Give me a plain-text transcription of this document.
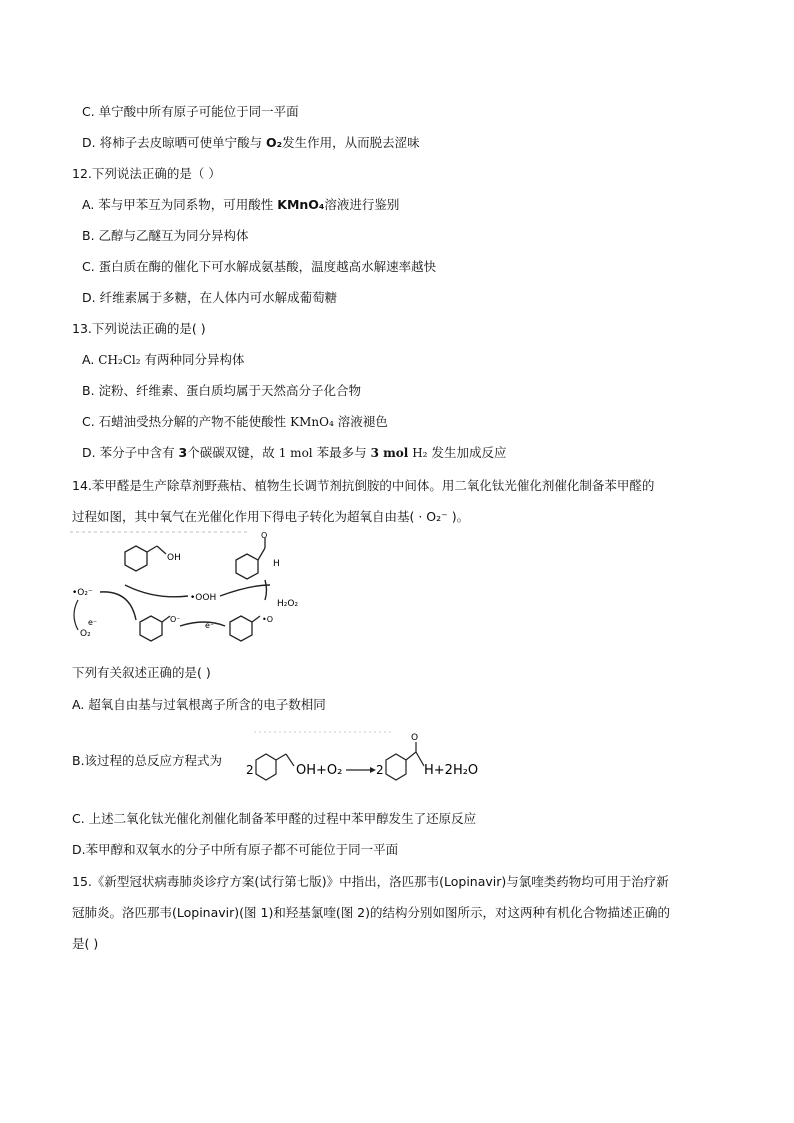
C. 单宁酸中所有原子可能位于同一平面
D. 将柿子去皮晾晒可使单宁酸与 O₂发生作用，从而脱去涩味
12.下列说法正确的是（ ）
A. 苯与甲苯互为同系物，可用酸性 KMnO₄溶液进行鉴别
B. 乙醇与乙醚互为同分异构体
C. 蛋白质在酶的催化下可水解成氨基酸，温度越高水解速率越快
D. 纤维素属于多糖，在人体内可水解成葡萄糖
13.下列说法正确的是( )
A. CH₂Cl₂ 有两种同分异构体
B. 淀粉、纤维素、蛋白质均属于天然高分子化合物
C. 石蜡油受热分解的产物不能使酸性 KMnO₄ 溶液褪色
D. 苯分子中含有 3个碳碳双键，故 1 mol 苯最多与 3 mol H₂ 发生加成反应
14.苯甲醛是生产除草剂野燕枯、植物生长调节剂抗倒胺的中间体。用二氧化钛光催化剂催化制备苯甲醛的
过程如图，其中氧气在光催化作用下得电子转化为超氧自由基( · O₂⁻ )。
OH
O
H
•O₂⁻
e⁻
O₂
•OOH
H₂O₂
O⁻
e⁻
•O
下列有关叙述正确的是( )
A. 超氧自由基与过氧根离子所含的电子数相同
B.该过程的总反应方程式为
2	OH+O₂	2
O
H+2H₂O
C. 上述二氧化钛光催化剂催化制备苯甲醛的过程中苯甲醇发生了还原反应
D.苯甲醇和双氧水的分子中所有原子都不可能位于同一平面
15.《新型冠状病毒肺炎诊疗方案(试行第七版)》中指出，洛匹那韦(Lopinavir)与氯喹类药物均可用于治疗新
冠肺炎。洛匹那韦(Lopinavir)(图 1)和羟基氯喹(图 2)的结构分别如图所示，对这两种有机化合物描述正确的
是( )
